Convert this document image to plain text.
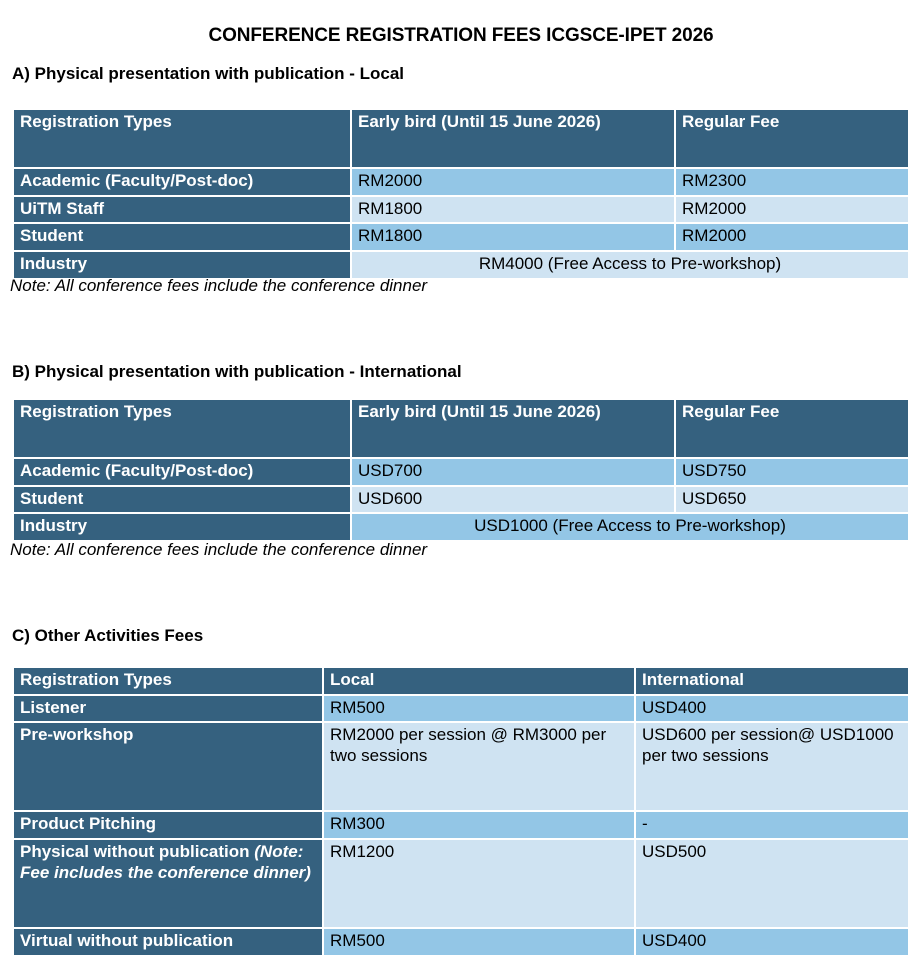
CONFERENCE REGISTRATION FEES ICGSCE-IPET 2026
A) Physical presentation with publication - Local
Registration Types	Early bird (Until 15 June 2026)	Regular Fee
Academic (Faculty/Post-doc)	RM2000	RM2300
UiTM Staff	RM1800	RM2000
Student	RM1800	RM2000
Industry	RM4000 (Free Access to Pre-workshop)	
Note: All conference fees include the conference dinner
B) Physical presentation with publication - International
Registration Types	Early bird (Until 15 June 2026)	Regular Fee
Academic (Faculty/Post-doc)	USD700	USD750
Student	USD600	USD650
Industry	USD1000 (Free Access to Pre-workshop)	
Note: All conference fees include the conference dinner
C) Other Activities Fees
Registration Types	Local	International
Listener	RM500	USD400
Pre-workshop	RM2000 per session @ RM3000 per two sessions	USD600 per session@ USD1000 per two sessions
Product Pitching	RM300	-
Physical without publication (Note: Fee includes the conference dinner)	RM1200	USD500
Virtual without publication	RM500	USD400
